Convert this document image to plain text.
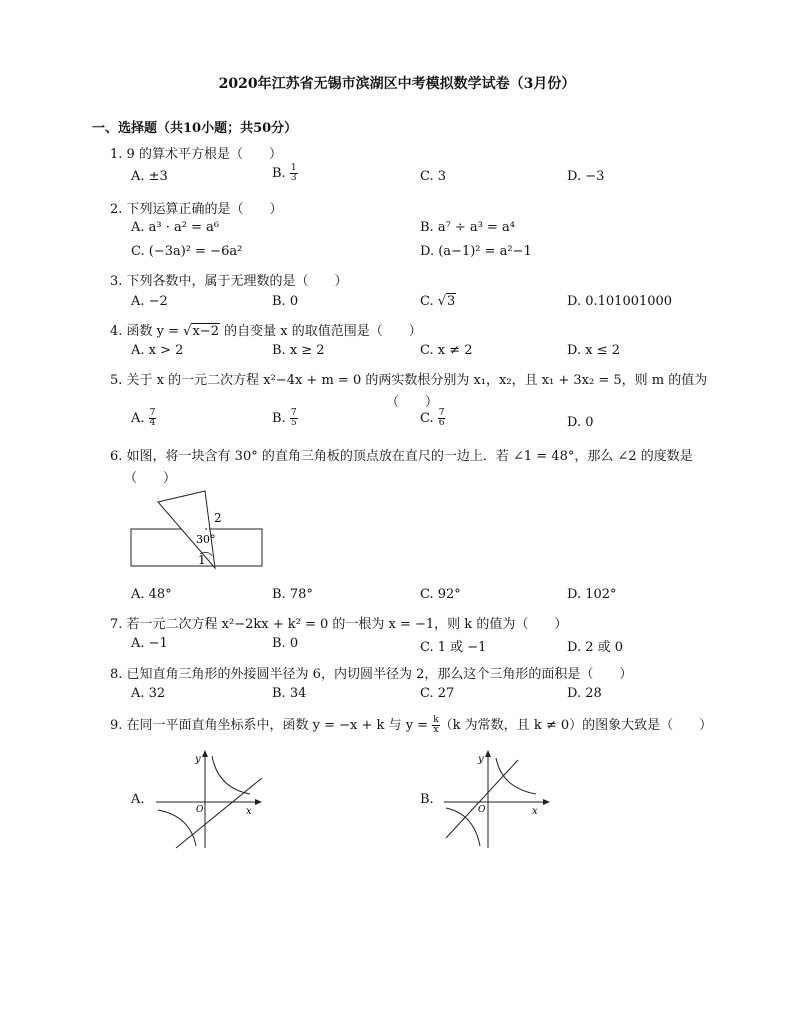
2020年江苏省无锡市滨湖区中考模拟数学试卷（3月份）
一、选择题（共10小题；共50分）
1. 9 的算术平方根是（　　）
A. ±3	B. $\frac{1}{3}$	C. 3	D. −3
2. 下列运算正确的是（　　）
A. a³ · a² = a⁶	B. a⁷ ÷ a³ = a⁴
C. (−3a)² = −6a²	D. (a−1)² = a²−1
3. 下列各数中，属于无理数的是（　　）
A. −2	B. 0	C. √3	D. 0.101001000
4. 函数 y = √x−2 的自变量 x 的取值范围是（　　）
A. x > 2	B. x ≥ 2	C. x ≠ 2	D. x ≤ 2
5. 关于 x 的一元二次方程 x²−4x + m = 0 的两实数根分别为 x₁，x₂，且 x₁ + 3x₂ = 5，则 m 的值为
（　　）
A. $\frac{7}{4}$	B. $\frac{7}{5}$	C. $\frac{7}{6}$	D. 0
6. 如图，将一块含有 30° 的直角三角板的顶点放在直尺的一边上．若 ∠1 = 48°，那么 ∠2 的度数是
（　　）
2
30°
1
A. 48°	B. 78°	C. 92°	D. 102°
7. 若一元二次方程 x²−2kx + k² = 0 的一根为 x = −1，则 k 的值为（　　）
A. −1	B. 0	C. 1 或 −1	D. 2 或 0
8. 已知直角三角形的外接圆半径为 6，内切圆半径为 2，那么这个三角形的面积是（　　）
A. 32	B. 34	C. 27	D. 28
9. 在同一平面直角坐标系中，函数 y = −x + k 与 $y = \frac{k}{x} (k$ 为常数，且 k ≠ 0）的图象大致是（　　）
A.
y
x
O
B.
y
x
O
